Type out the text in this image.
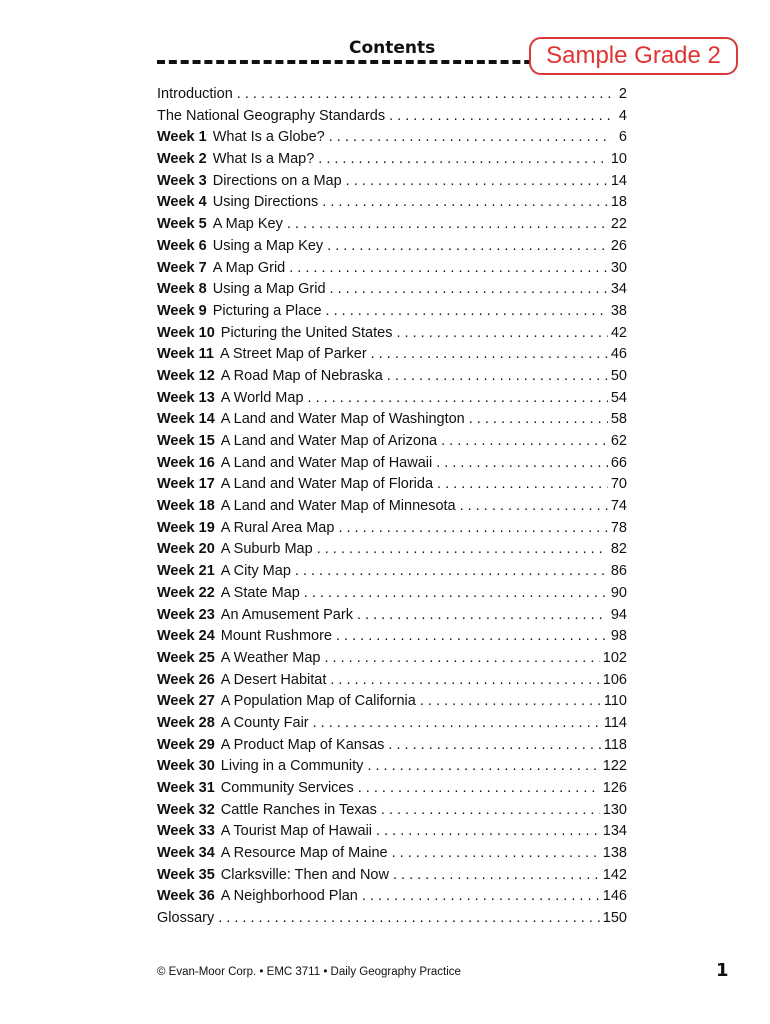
Contents	Sample Grade 2
Introduction . . .	2
The National Geography Standards . . .	4
Week 1 What Is a Globe? . . .	6
Week 2 What Is a Map? . . .	10
Week 3 Directions on a Map . . .	14
Week 4 Using Directions . . .	18
Week 5 A Map Key . . .	22
Week 6 Using a Map Key . . .	26
Week 7 A Map Grid . . .	30
Week 8 Using a Map Grid . . .	34
Week 9 Picturing a Place . . .	38
Week 10 Picturing the United States . . .	42
Week 11 A Street Map of Parker . . .	46
Week 12 A Road Map of Nebraska . . .	50
Week 13 A World Map . . .	54
Week 14 A Land and Water Map of Washington . . .	58
Week 15 A Land and Water Map of Arizona . . .	62
Week 16 A Land and Water Map of Hawaii . . .	66
Week 17 A Land and Water Map of Florida . . .	70
Week 18 A Land and Water Map of Minnesota . . .	74
Week 19 A Rural Area Map . . .	78
Week 20 A Suburb Map . . .	82
Week 21 A City Map . . .	86
Week 22 A State Map . . .	90
Week 23 An Amusement Park . . .	94
Week 24 Mount Rushmore . . .	98
Week 25 A Weather Map . . .	102
Week 26 A Desert Habitat . . .	106
Week 27 A Population Map of California . . .	110
Week 28 A County Fair . . .	114
Week 29 A Product Map of Kansas . . .	118
Week 30 Living in a Community . . .	122
Week 31 Community Services . . .	126
Week 32 Cattle Ranches in Texas . . .	130
Week 33 A Tourist Map of Hawaii . . .	134
Week 34 A Resource Map of Maine . . .	138
Week 35 Clarksville: Then and Now . . .	142
Week 36 A Neighborhood Plan . . .	146
Glossary . . .	150
© Evan-Moor Corp. • EMC 3711 • Daily Geography Practice	1
